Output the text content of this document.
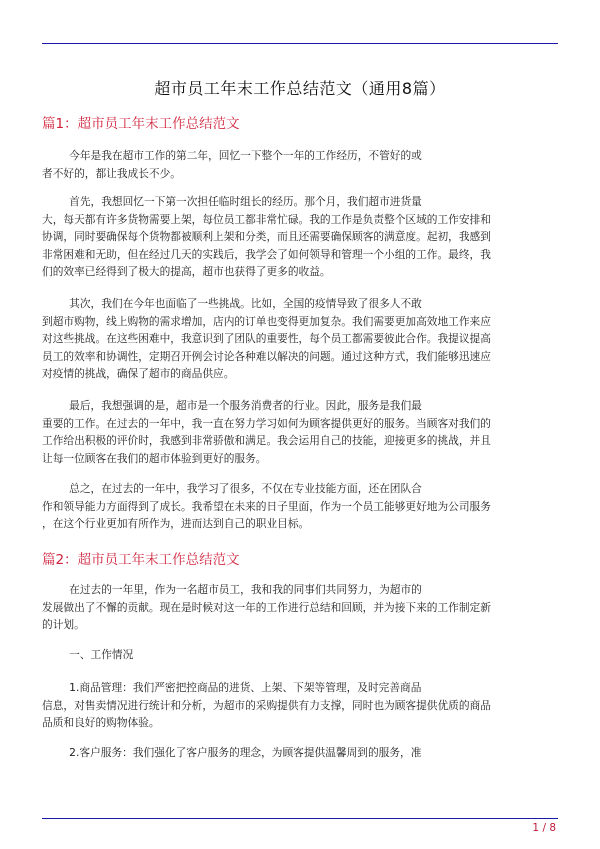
超市员工年末工作总结范文（通用8篇）
篇1：超市员工年末工作总结范文
今年是我在超市工作的第二年，回忆一下整个一年的工作经历，不管好的或
者不好的，都让我成长不少。
首先，我想回忆一下第一次担任临时组长的经历。那个月，我们超市进货量
大，每天都有许多货物需要上架，每位员工都非常忙碌。我的工作是负责整个区域的工作安排和
协调，同时要确保每个货物都被顺利上架和分类，而且还需要确保顾客的满意度。起初，我感到
非常困难和无助，但在经过几天的实践后，我学会了如何领导和管理一个小组的工作。最终，我
们的效率已经得到了极大的提高，超市也获得了更多的收益。
其次，我们在今年也面临了一些挑战。比如，全国的疫情导致了很多人不敢
到超市购物，线上购物的需求增加，店内的订单也变得更加复杂。我们需要更加高效地工作来应
对这些挑战。在这些困难中，我意识到了团队的重要性，每个员工都需要彼此合作。我提议提高
员工的效率和协调性，定期召开例会讨论各种难以解决的问题。通过这种方式，我们能够迅速应
对疫情的挑战，确保了超市的商品供应。
最后，我想强调的是，超市是一个服务消费者的行业。因此，服务是我们最
重要的工作。在过去的一年中，我一直在努力学习如何为顾客提供更好的服务。当顾客对我们的
工作给出积极的评价时，我感到非常骄傲和满足。我会运用自己的技能，迎接更多的挑战，并且
让每一位顾客在我们的超市体验到更好的服务。
总之，在过去的一年中，我学习了很多，不仅在专业技能方面，还在团队合
作和领导能力方面得到了成长。我希望在未来的日子里面，作为一个员工能够更好地为公司服务
，在这个行业更加有所作为，进而达到自己的职业目标。
篇2：超市员工年末工作总结范文
在过去的一年里，作为一名超市员工，我和我的同事们共同努力，为超市的
发展做出了不懈的贡献。现在是时候对这一年的工作进行总结和回顾，并为接下来的工作制定新
的计划。
一、工作情况
1.商品管理：我们严密把控商品的进货、上架、下架等管理，及时完善商品
信息，对售卖情况进行统计和分析，为超市的采购提供有力支撑，同时也为顾客提供优质的商品
品质和良好的购物体验。
2.客户服务：我们强化了客户服务的理念，为顾客提供温馨周到的服务，准
1 / 8
